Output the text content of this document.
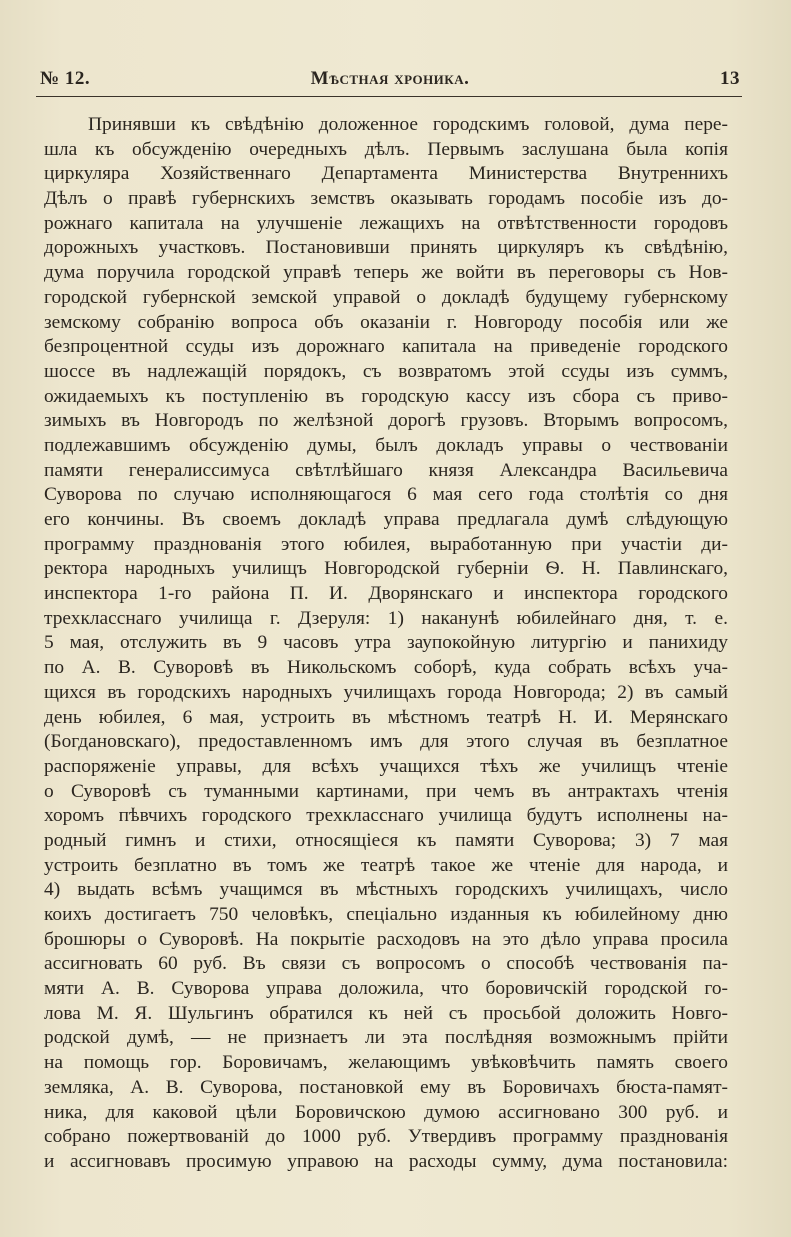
№ 12.	Мѣстная хроника.	13
Принявши къ свѣдѣнiю доложенное городскимъ головой, дума пере-
шла къ обсужденiю очередныхъ дѣлъ. Первымъ заслушана была копiя
циркуляра Хозяйственнаго Департамента Министерства Внутреннихъ
Дѣлъ о правѣ губернскихъ земствъ оказывать городамъ пособiе изъ до-
рожнаго капитала на улучшенiе лежащихъ на отвѣтственности городовъ
дорожныхъ участковъ. Постановивши принять циркуляръ къ свѣдѣнiю,
дума поручила городской управѣ теперь же войти въ переговоры съ Нов-
городской губернской земской управой о докладѣ будущему губернскому
земскому собранiю вопроса объ оказанiи г. Новгороду пособiя или же
безпроцентной ссуды изъ дорожнаго капитала на приведенiе городского
шоссе въ надлежащiй порядокъ, съ возвратомъ этой ссуды изъ суммъ,
ожидаемыхъ къ поступленiю въ городскую кассу изъ сбора съ приво-
зимыхъ въ Новгородъ по желѣзной дорогѣ грузовъ. Вторымъ вопросомъ,
подлежавшимъ обсужденiю думы, былъ докладъ управы о чествованiи
памяти генералиссимуса свѣтлѣйшаго князя Александра Васильевича
Суворова по случаю исполняющагося 6 мая сего года столѣтiя со дня
его кончины. Въ своемъ докладѣ управа предлагала думѣ слѣдующую
программу празднованiя этого юбилея, выработанную при участiи ди-
ректора народныхъ училищъ Новгородской губернiи Ѳ. Н. Павлинскаго,
инспектора 1-го района П. И. Дворянскаго и инспектора городского
трехкласснаго училища г. Дзеруля: 1) наканунѣ юбилейнаго дня, т. е.
5 мая, отслужить въ 9 часовъ утра заупокойную литургiю и панихиду
по А. В. Суворовѣ въ Никольскомъ соборѣ, куда собрать всѣхъ уча-
щихся въ городскихъ народныхъ училищахъ города Новгорода; 2) въ самый
день юбилея, 6 мая, устроить въ мѣстномъ театрѣ Н. И. Мерянскаго
(Богдановскаго), предоставленномъ имъ для этого случая въ безплатное
распоряженiе управы, для всѣхъ учащихся тѣхъ же училищъ чтенiе
о Суворовѣ съ туманными картинами, при чемъ въ антрактахъ чтенiя
хоромъ пѣвчихъ городского трехкласснаго училища будутъ исполнены на-
родный гимнъ и стихи, относящiеся къ памяти Суворова; 3) 7 мая
устроить безплатно въ томъ же театрѣ такое же чтенiе для народа, и
4) выдать всѣмъ учащимся въ мѣстныхъ городскихъ училищахъ, число
коихъ достигаетъ 750 человѣкъ, спецiально изданныя къ юбилейному дню
брошюры о Суворовѣ. На покрытiе расходовъ на это дѣло управа просила
ассигновать 60 руб. Въ связи съ вопросомъ о способѣ чествованiя па-
мяти А. В. Суворова управа доложила, что боровичскiй городской го-
лова М. Я. Шульгинъ обратился къ ней съ просьбой доложить Новго-
родской думѣ, — не признаетъ ли эта послѣдняя возможнымъ прiйти
на помощь гор. Боровичамъ, желающимъ увѣковѣчить память своего
земляка, А. В. Суворова, постановкой ему въ Боровичахъ бюста-памят-
ника, для каковой цѣли Боровичскою думою ассигновано 300 руб. и
собрано пожертвованiй до 1000 руб. Утвердивъ программу празднованiя
и ассигновавъ просимую управою на расходы сумму, дума постановила:
